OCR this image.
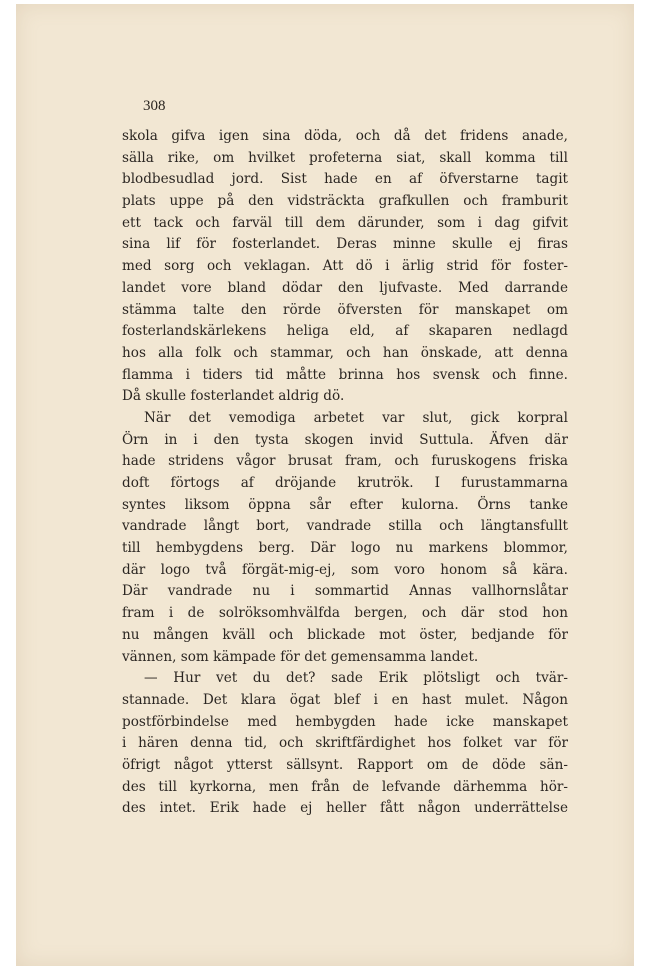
308

skola gifva igen sina döda, och då det fridens anade,
sälla rike, om hvilket profeterna siat, skall komma till
blodbesudlad jord. Sist hade en af öfverstarne tagit
plats uppe på den vidsträckta grafkullen och framburit
ett tack och farväl till dem därunder, som i dag gifvit
sina lif för fosterlandet. Deras minne skulle ej firas
med sorg och veklagan. Att dö i ärlig strid för foster-
landet vore bland dödar den ljufvaste. Med darrande
stämma talte den rörde öfversten för manskapet om
fosterlandskärlekens heliga eld, af skaparen nedlagd
hos alla folk och stammar, och han önskade, att denna
flamma i tiders tid måtte brinna hos svensk och finne.
Då skulle fosterlandet aldrig dö.
När det vemodiga arbetet var slut, gick korpral
Örn in i den tysta skogen invid Suttula. Äfven där
hade stridens vågor brusat fram, och furuskogens friska
doft förtogs af dröjande krutrök. I furustammarna
syntes liksom öppna sår efter kulorna. Örns tanke
vandrade långt bort, vandrade stilla och längtansfullt
till hembygdens berg. Där logo nu markens blommor,
där logo två förgät-mig-ej, som voro honom så kära.
Där vandrade nu i sommartid Annas vallhornslåtar
fram i de solröksomhvälfda bergen, och där stod hon
nu mången kväll och blickade mot öster, bedjande för
vännen, som kämpade för det gemensamma landet.
— Hur vet du det? sade Erik plötsligt och tvär-
stannade. Det klara ögat blef i en hast mulet. Någon
postförbindelse med hembygden hade icke manskapet
i hären denna tid, och skriftfärdighet hos folket var för
öfrigt något ytterst sällsynt. Rapport om de döde sän-
des till kyrkorna, men från de lefvande därhemma hör-
des intet. Erik hade ej heller fått någon underrättelse
